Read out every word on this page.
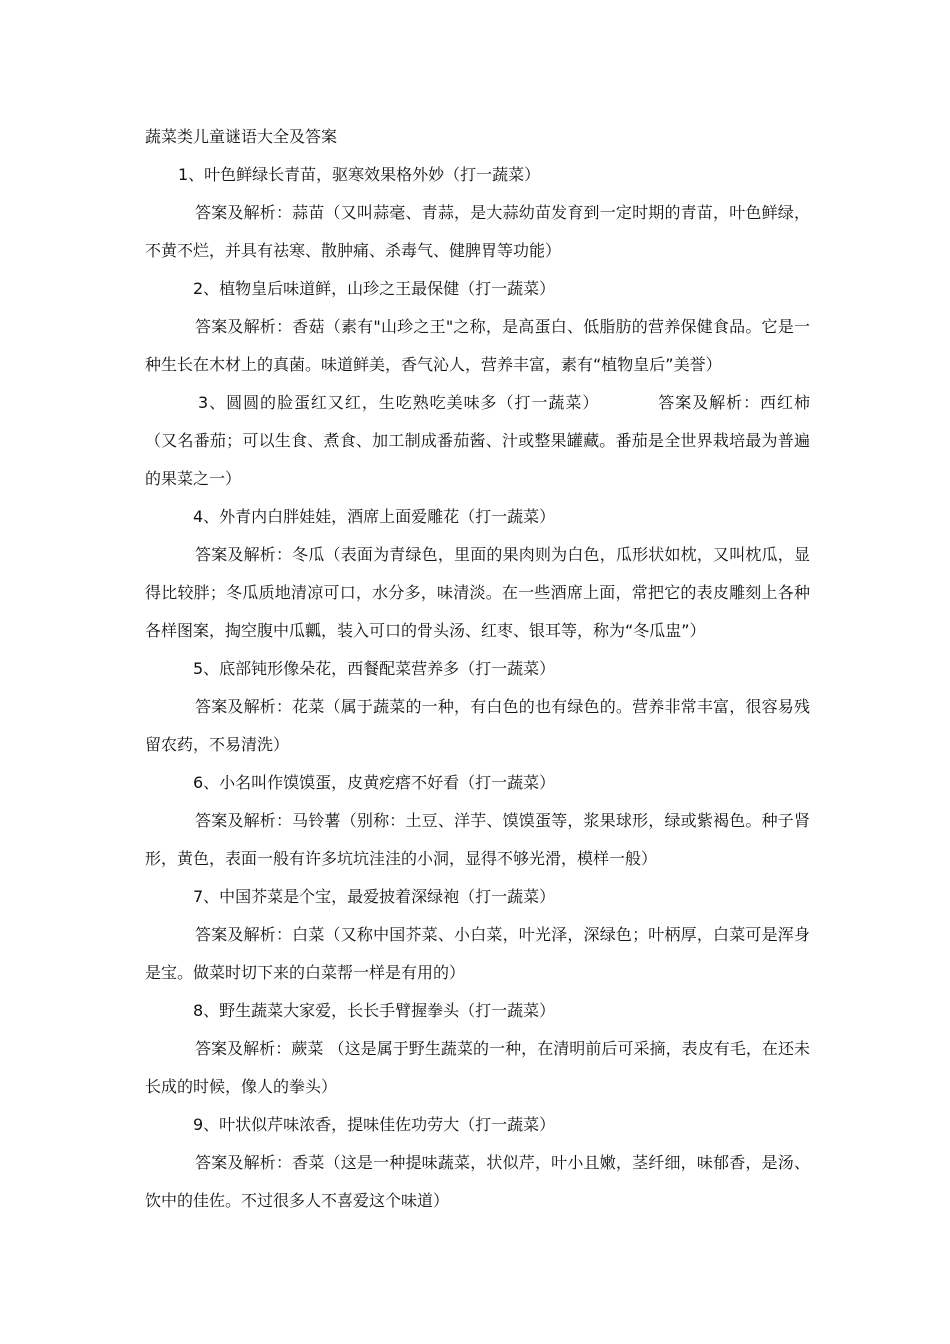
蔬菜类儿童谜语大全及答案

1、叶色鲜绿长青苗，驱寒效果格外妙（打一蔬菜）

答案及解析：蒜苗（又叫蒜毫、青蒜，是大蒜幼苗发育到一定时期的青苗，叶色鲜绿，不黄不烂，并具有祛寒、散肿痛、杀毒气、健脾胃等功能）

2、植物皇后味道鲜，山珍之王最保健（打一蔬菜）

答案及解析：香菇（素有"山珍之王"之称，是高蛋白、低脂肪的营养保健食品。它是一种生长在木材上的真菌。味道鲜美，香气沁人，营养丰富，素有“植物皇后”美誉）

3、圆圆的脸蛋红又红，生吃熟吃美味多（打一蔬菜）	答案及解析：西红柿（又名番茄；可以生食、煮食、加工制成番茄酱、汁或整果罐藏。番茄是全世界栽培最为普遍的果菜之一）

4、外青内白胖娃娃，酒席上面爱雕花（打一蔬菜）

答案及解析：冬瓜（表面为青绿色，里面的果肉则为白色，瓜形状如枕，又叫枕瓜，显得比较胖；冬瓜质地清凉可口，水分多，味清淡。在一些酒席上面，常把它的表皮雕刻上各种各样图案，掏空腹中瓜瓤，装入可口的骨头汤、红枣、银耳等，称为“冬瓜盅”）

5、底部钝形像朵花，西餐配菜营养多（打一蔬菜）

答案及解析：花菜（属于蔬菜的一种，有白色的也有绿色的。营养非常丰富，很容易残留农药，不易清洗）

6、小名叫作馍馍蛋，皮黄疙瘩不好看（打一蔬菜）

答案及解析：马铃薯（别称：土豆、洋芋、馍馍蛋等，浆果球形，绿或紫褐色。种子肾形，黄色，表面一般有许多坑坑洼洼的小洞，显得不够光滑，模样一般）

7、中国芥菜是个宝，最爱披着深绿袍（打一蔬菜）

答案及解析：白菜（又称中国芥菜、小白菜，叶光泽，深绿色；叶柄厚，白菜可是浑身是宝。做菜时切下来的白菜帮一样是有用的）

8、野生蔬菜大家爱，长长手臂握拳头（打一蔬菜）

答案及解析：蕨菜 （这是属于野生蔬菜的一种，在清明前后可采摘，表皮有毛，在还未长成的时候，像人的拳头）

9、叶状似芹味浓香，提味佳佐功劳大（打一蔬菜）

答案及解析：香菜（这是一种提味蔬菜，状似芹，叶小且嫩，茎纤细，味郁香，是汤、饮中的佳佐。不过很多人不喜爱这个味道）
